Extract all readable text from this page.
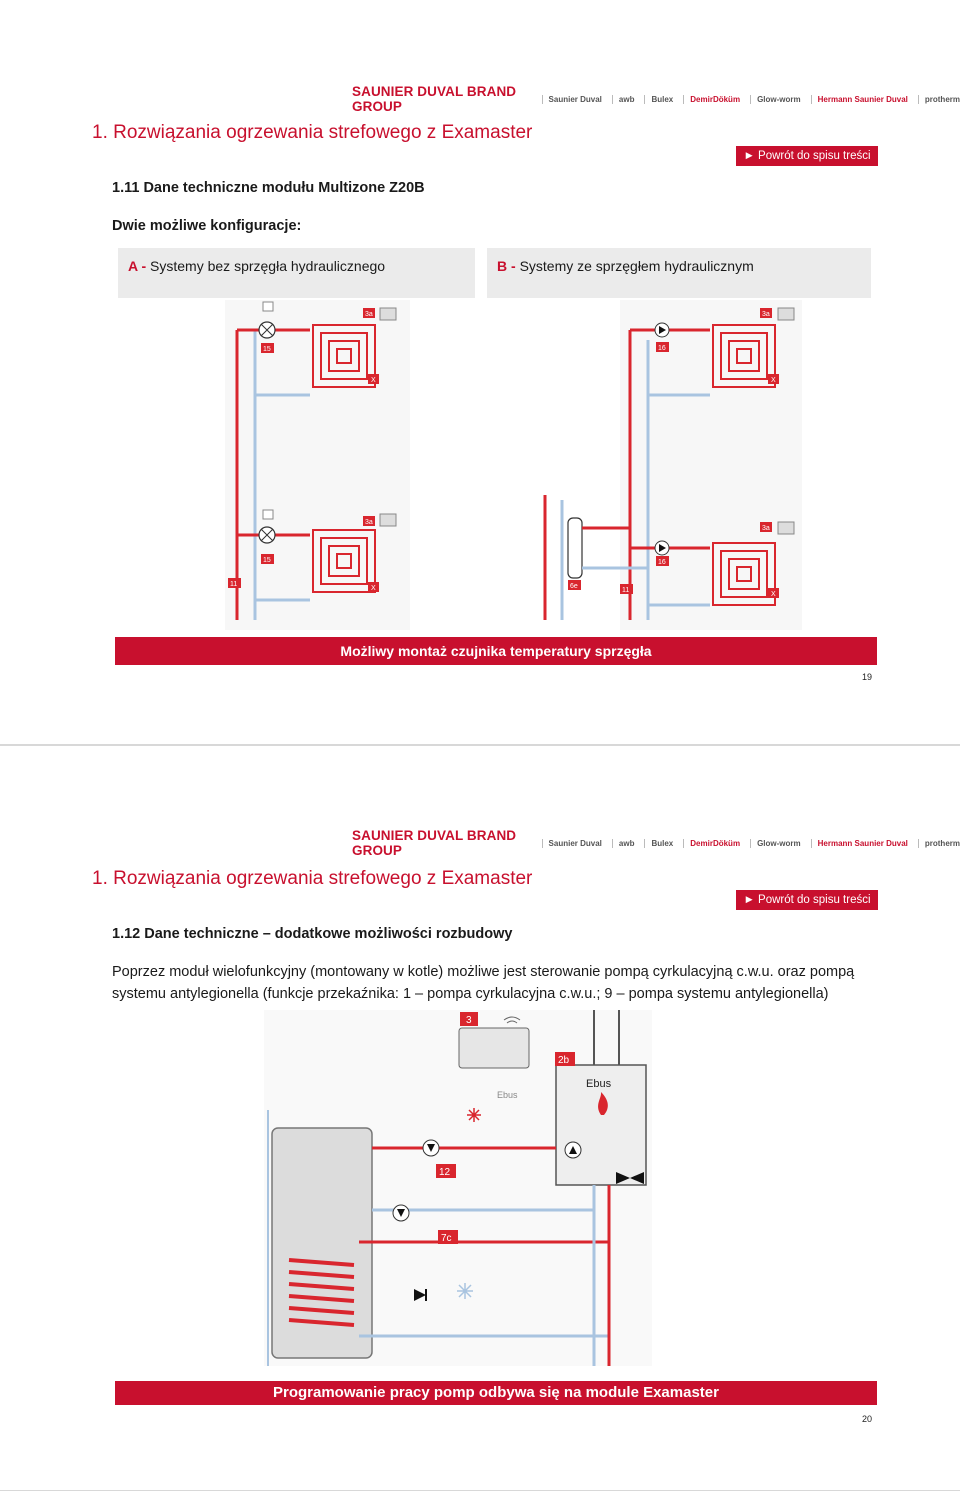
SAUNIER DUVAL BRAND GROUP	Saunier Duval	awb	Bulex	DemirDöküm	Glow-worm	Hermann Saunier Duval	protherm
1. Rozwiązania ogrzewania strefowego z Examaster
► Powrót do spisu treści
1.11 Dane techniczne modułu Multizone Z20B
Dwie możliwe konfiguracje:
A - Systemy bez sprzęgła hydraulicznego	B - Systemy ze sprzęgłem hydraulicznym
3a
15
X
3a
15
11
X
3a
16
X
3a
16
6e
11
X
Możliwy montaż czujnika temperatury sprzęgła
19
SAUNIER DUVAL BRAND GROUP	Saunier Duval	awb	Bulex	DemirDöküm	Glow-worm	Hermann Saunier Duval	protherm
1. Rozwiązania ogrzewania strefowego z Examaster
► Powrót do spisu treści
1.12 Dane techniczne – dodatkowe możliwości rozbudowy
Poprzez moduł wielofunkcyjny (montowany w kotle) możliwe jest sterowanie pompą cyrkulacyjną c.w.u. oraz pompą systemu antylegionella (funkcje przekaźnika: 1 – pompa cyrkulacyjna c.w.u.; 9 – pompa systemu antylegionella)
3
2b
12
7c
Ebus
Ebus
Programowanie pracy pomp odbywa się na module Examaster
20
